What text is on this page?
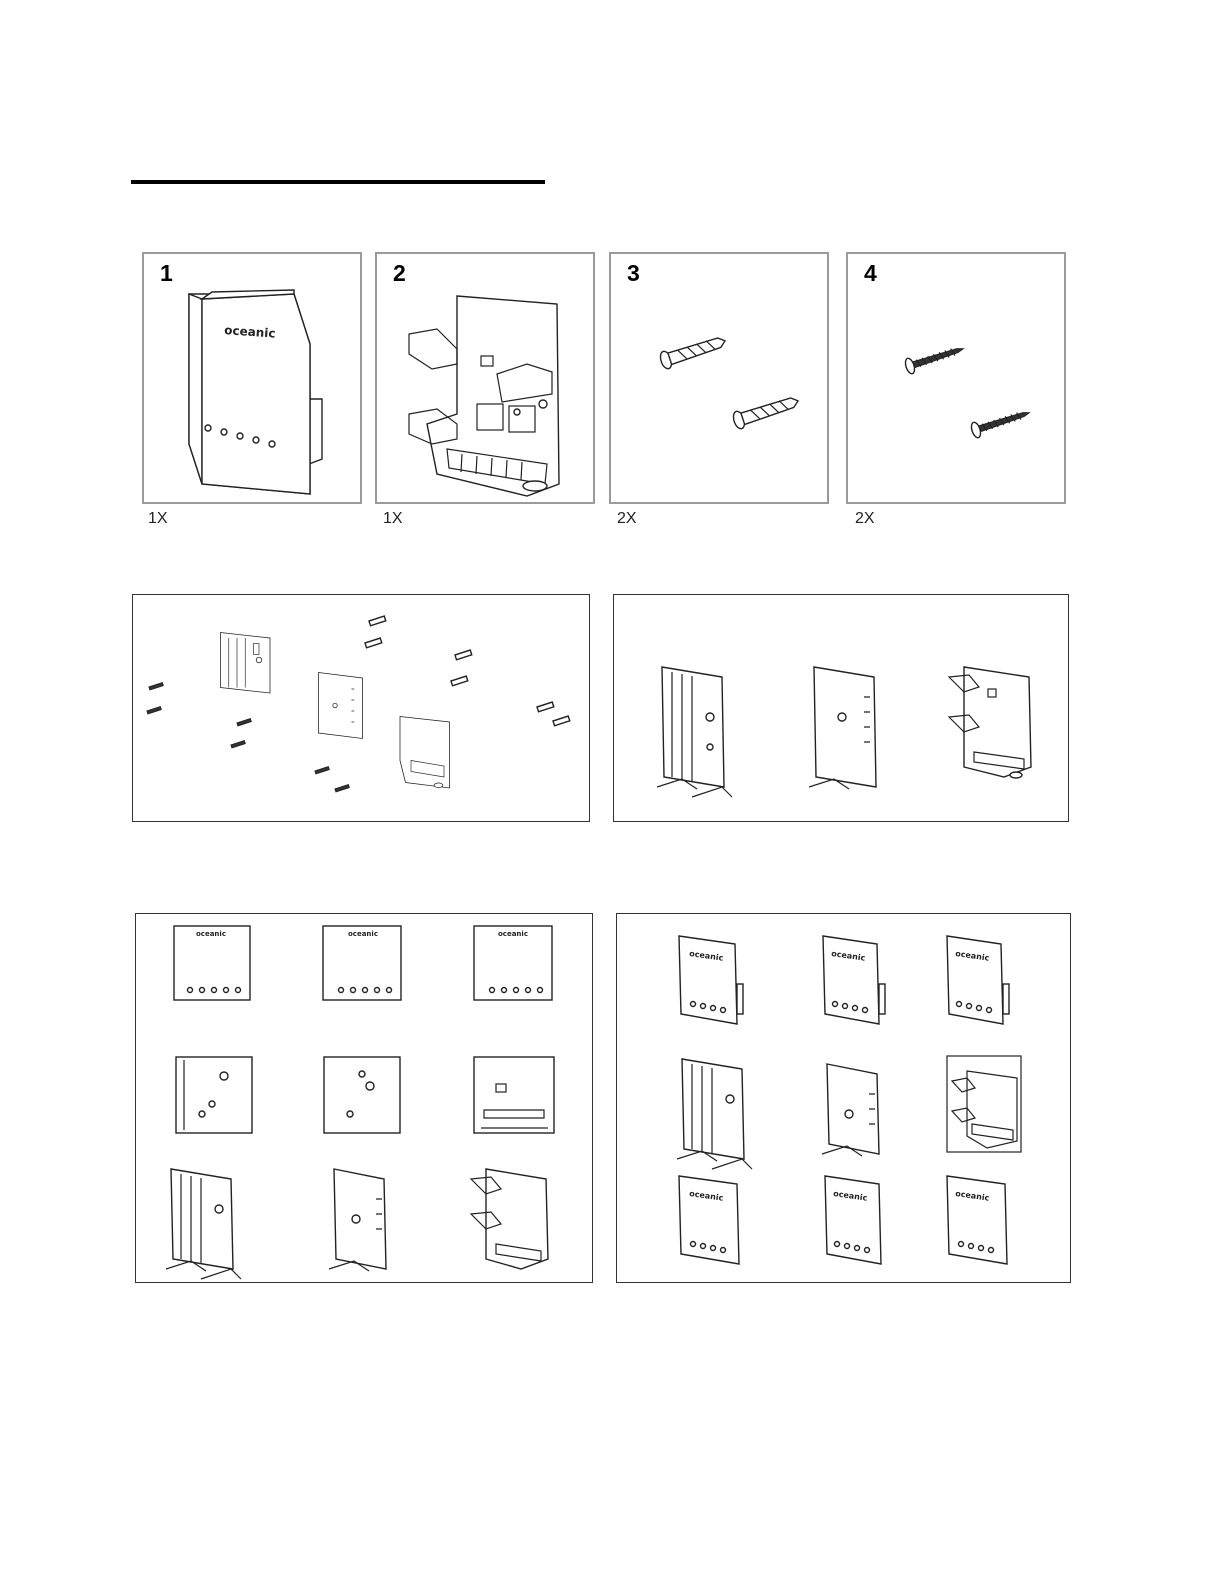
1
oceanic
1X
2
1X
3
2X
4
2X
oceanic	oceanic	oceanic
oceanic	oceanic	oceanic
oceanic	oceanic	oceanic
